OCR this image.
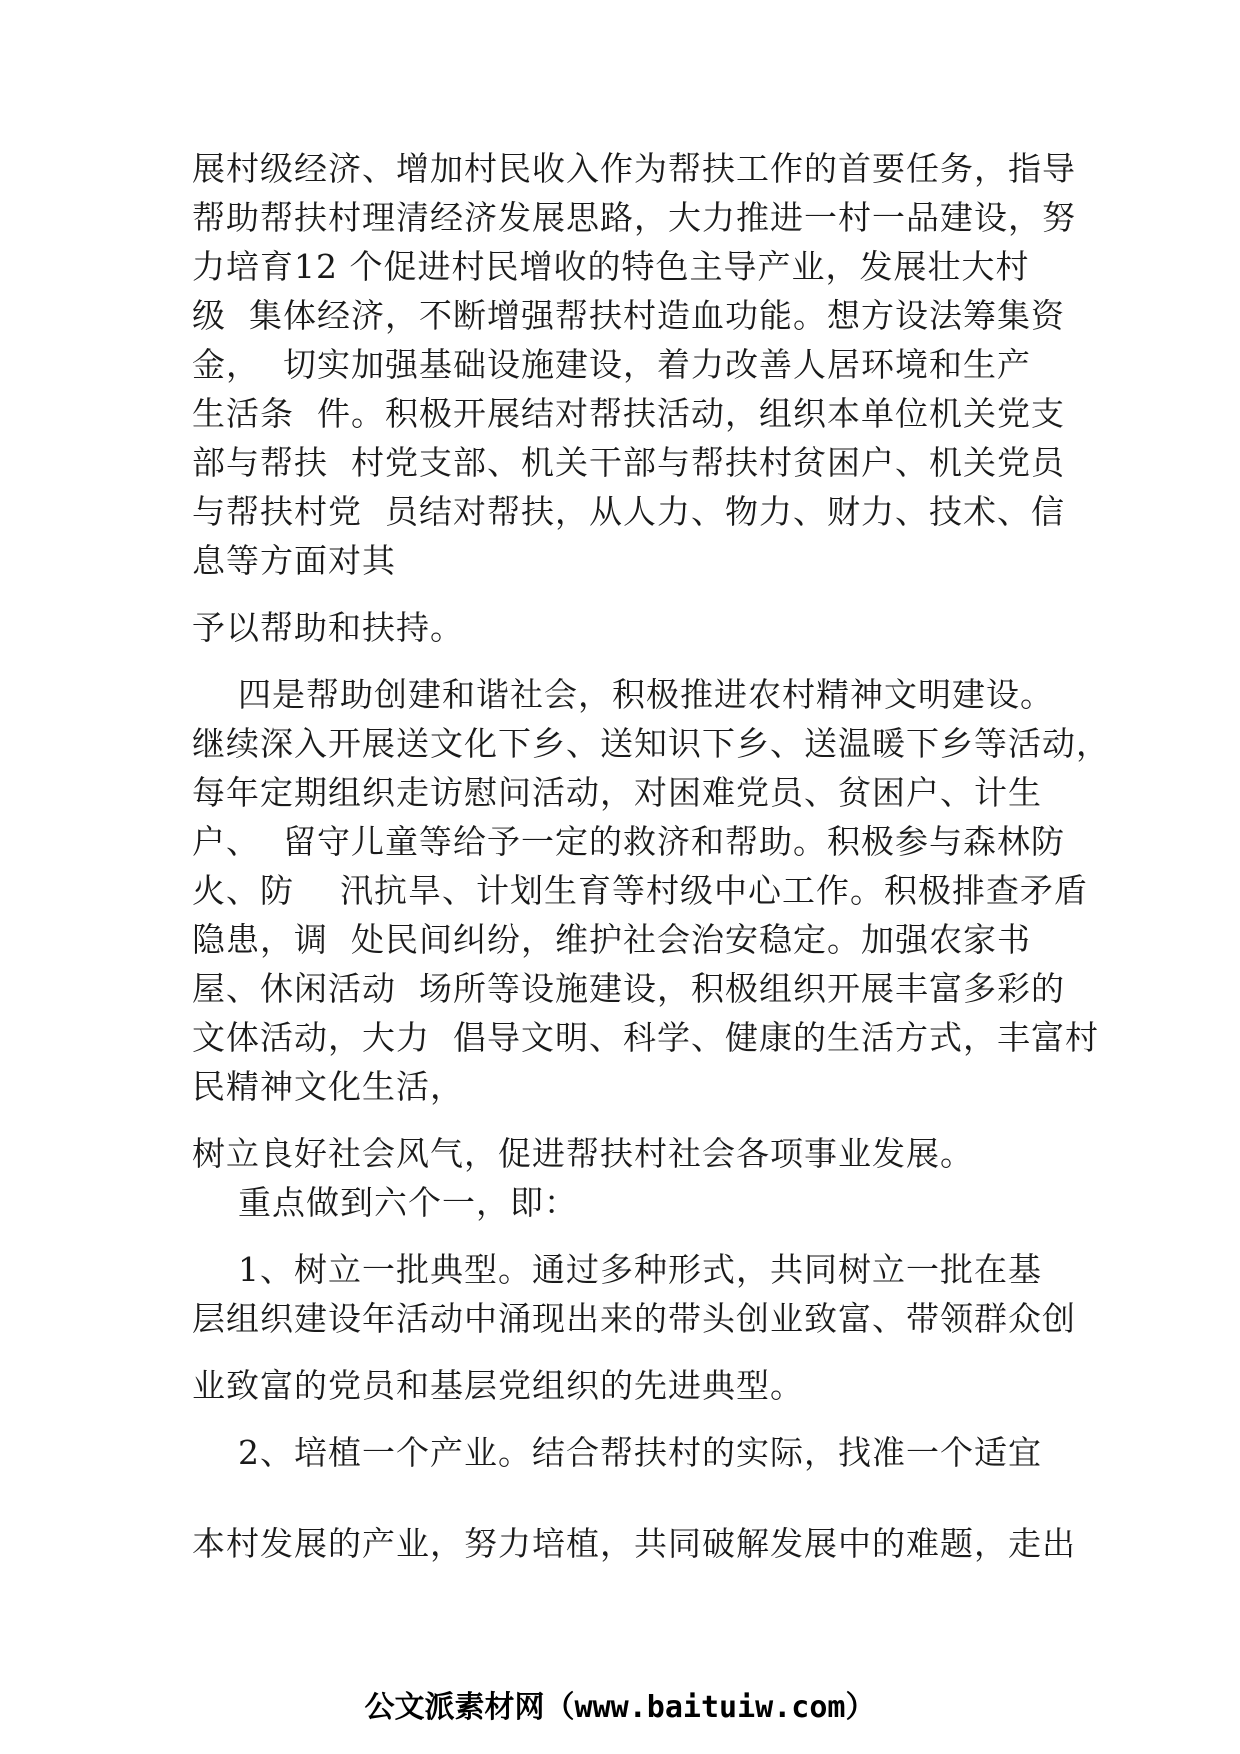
展村级经济、增加村民收入作为帮扶工作的首要任务，指导
帮助帮扶村理清经济发展思路，大力推进一村一品建设，努
力培育12 个促进村民增收的特色主导产业，发展壮大村
级  集体经济，不断增强帮扶村造血功能。想方设法筹集资
金，  切实加强基础设施建设，着力改善人居环境和生产
生活条  件。积极开展结对帮扶活动，组织本单位机关党支
部与帮扶  村党支部、机关干部与帮扶村贫困户、机关党员
与帮扶村党  员结对帮扶，从人力、物力、财力、技术、信
息等方面对其
予以帮助和扶持。
四是帮助创建和谐社会，积极推进农村精神文明建设。
继续深入开展送文化下乡、送知识下乡、送温暖下乡等活动，
每年定期组织走访慰问活动，对困难党员、贫困户、计生
户、  留守儿童等给予一定的救济和帮助。积极参与森林防
火、防    汛抗旱、计划生育等村级中心工作。积极排查矛盾
隐患，调  处民间纠纷，维护社会治安稳定。加强农家书
屋、休闲活动  场所等设施建设，积极组织开展丰富多彩的
文体活动，大力  倡导文明、科学、健康的生活方式，丰富村
民精神文化生活，
树立良好社会风气，促进帮扶村社会各项事业发展。
重点做到六个一，即：
1、树立一批典型。通过多种形式，共同树立一批在基
层组织建设年活动中涌现出来的带头创业致富、带领群众创
业致富的党员和基层党组织的先进典型。
2、培植一个产业。结合帮扶村的实际，找准一个适宜
本村发展的产业，努力培植，共同破解发展中的难题，走出
公文派素材网（www.baituiw.com）
